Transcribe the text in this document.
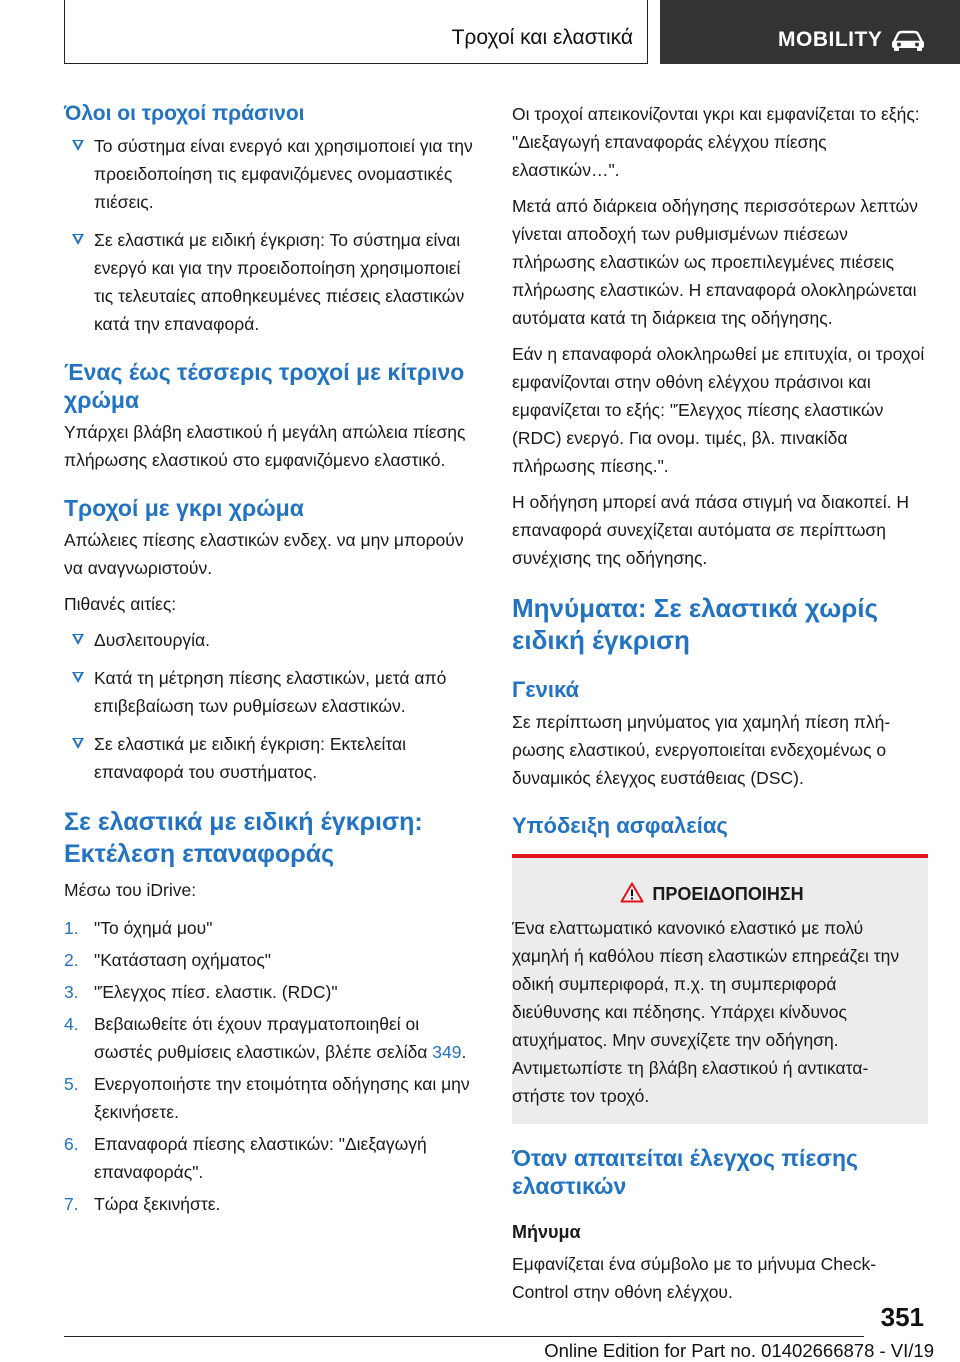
Τροχοί και ελαστικά	MOBILITY
Όλοι οι τροχοί πράσινοι
Το σύστημα είναι ενεργό και χρησιμοποιεί για την προειδοποίηση τις εμφανιζόμενες ονομαστικές πιέσεις.
Σε ελαστικά με ειδική έγκριση: Το σύστημα είναι ενεργό και για την προειδοποίηση χρησιμοποιεί τις τελευταίες αποθηκευμένες πιέσεις ελαστικών κατά την επαναφορά.
Ένας έως τέσσερις τροχοί με κίτρινο χρώμα

Υπάρχει βλάβη ελαστικού ή μεγάλη απώλεια πίεσης πλήρωσης ελαστικού στο εμφανιζόμενο ελαστικό.

Τροχοί με γκρι χρώμα

Απώλειες πίεσης ελαστικών ενδεχ. να μην μπορούν να αναγνωριστούν.

Πιθανές αιτίες:

Δυσλειτουργία.
Κατά τη μέτρηση πίεσης ελαστικών, μετά από επιβεβαίωση των ρυθμίσεων ελαστικών.
Σε ελαστικά με ειδική έγκριση: Εκτελείται επαναφορά του συστήματος.
Σε ελαστικά με ειδική έγκριση: Εκτέλεση επαναφοράς

Μέσω του iDrive:

1. "Το όχημά μου"
2. "Κατάσταση οχήματος"
3. "Έλεγχος πίεσ. ελαστικ. (RDC)"
4. Βεβαιωθείτε ότι έχουν πραγματοποιηθεί οι σωστές ρυθμίσεις ελαστικών, βλέπε σελίδα 349.
5. Ενεργοποιήστε την ετοιμότητα οδήγησης και μην ξεκινήσετε.
6. Επαναφορά πίεσης ελαστικών: "Διεξαγωγή επαναφοράς".
7. Τώρα ξεκινήστε.

Οι τροχοί απεικονίζονται γκρι και εμφανίζεται το εξής: "Διεξαγωγή επαναφοράς ελέγχου πίεσης ελαστικών…".

Μετά από διάρκεια οδήγησης περισσότερων λεπτών γίνεται αποδοχή των ρυθμισμένων πιέσεων πλήρωσης ελαστικών ως προεπιλεγμένες πιέσεις πλήρωσης ελαστικών. Η επαναφορά ολοκληρώνεται αυτόματα κατά τη διάρκεια της οδήγησης.

Εάν η επαναφορά ολοκληρωθεί με επιτυχία, οι τροχοί εμφανίζονται στην οθόνη ελέγχου πράσινοι και εμφανίζεται το εξής: "Έλεγχος πίεσης ελαστικών (RDC) ενεργό. Για ονομ. τιμές, βλ. πινακίδα πλήρωσης πίεσης.".

Η οδήγηση μπορεί ανά πάσα στιγμή να διακοπεί. Η επαναφορά συνεχίζεται αυτόματα σε περίπτωση συνέχισης της οδήγησης.

Μηνύματα: Σε ελαστικά χωρίς ειδική έγκριση
Γενικά

Σε περίπτωση μηνύματος για χαμηλή πίεση πλήρωσης ελαστικού, ενεργοποιείται ενδεχομένως ο δυναμικός έλεγχος ευστάθειας (DSC).

Υπόδειξη ασφαλείας
ΠΡΟΕΙΔΟΠΟΙΗΣΗ

Ένα ελαττωματικό κανονικό ελαστικό με πολύ χαμηλή ή καθόλου πίεση ελαστικών επηρεάζει την οδική συμπεριφορά, π.χ. τη συμπεριφορά διεύθυνσης και πέδησης. Υπάρχει κίνδυνος ατυχήματος. Μην συνεχίζετε την οδήγηση. Αντιμετωπίστε τη βλάβη ελαστικού ή αντικαταστήστε τον τροχό.

Όταν απαιτείται έλεγχος πίεσης ελαστικών

Μήνυμα

Εμφανίζεται ένα σύμβολο με το μήνυμα Check-Control στην οθόνη ελέγχου.

351
Online Edition for Part no. 01402666878 - VI/19
